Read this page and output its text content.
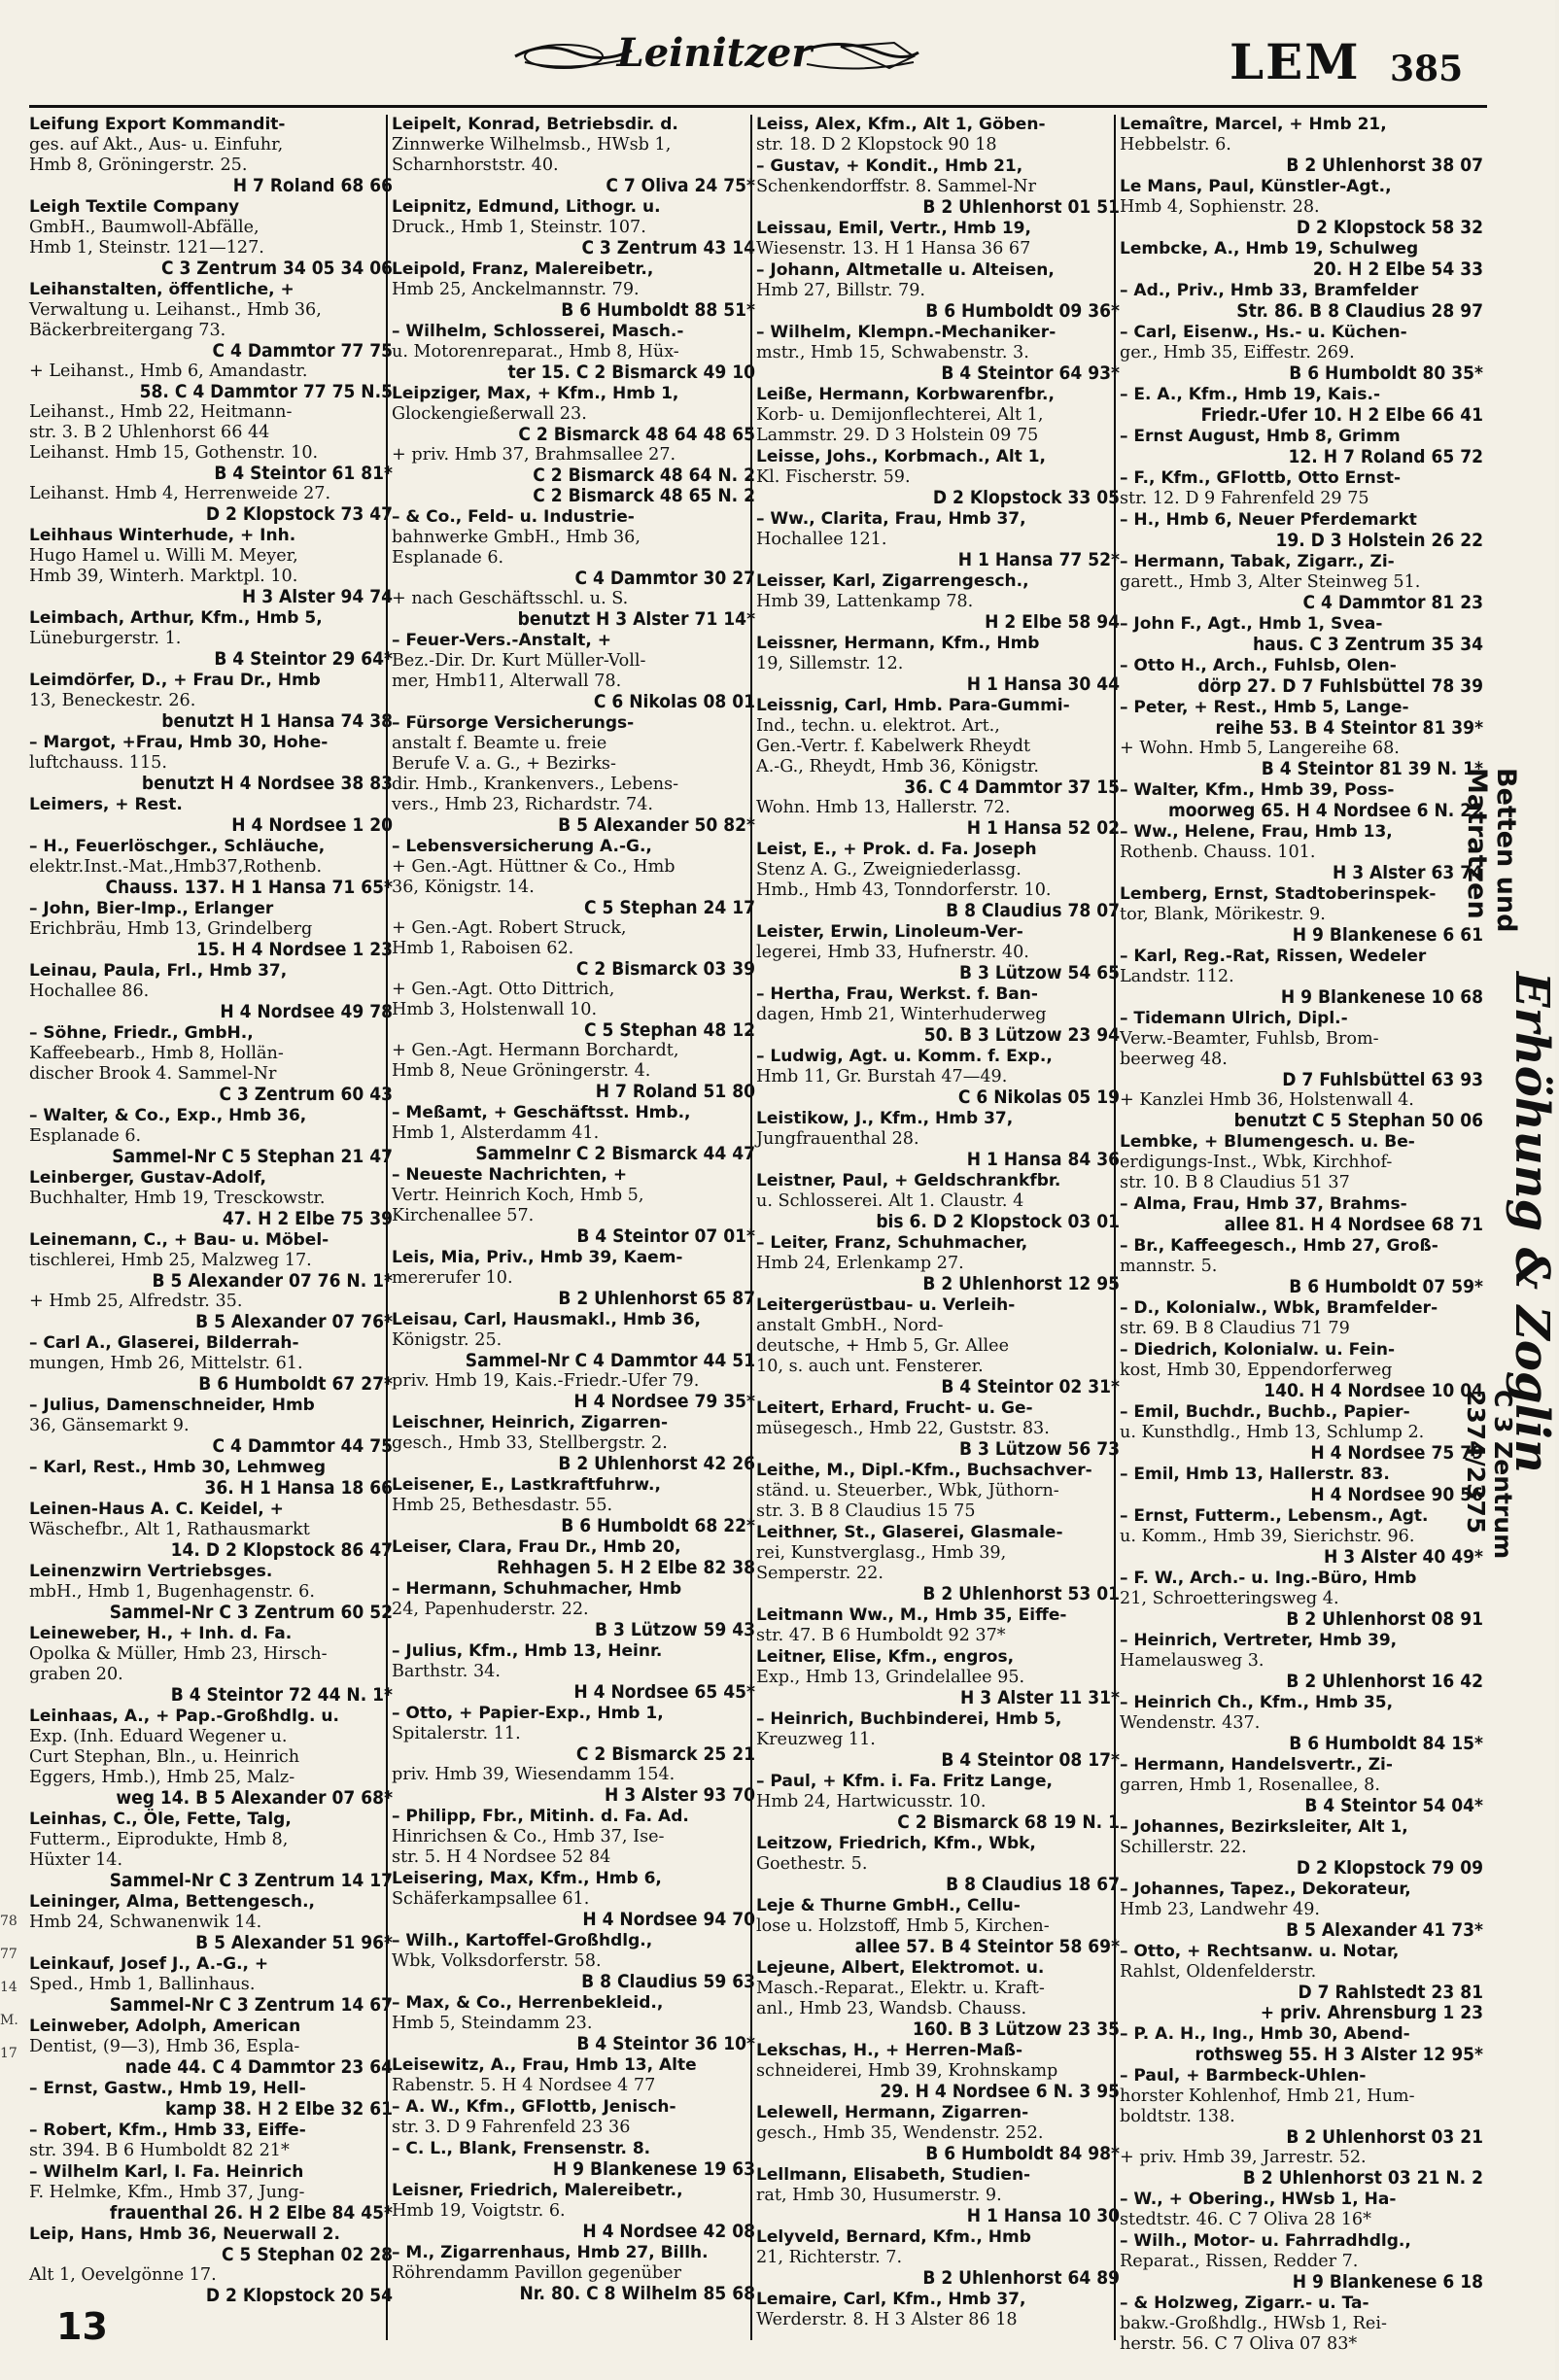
Leinitzer	LEM 385
Leifung Export Kommandit-
ges. auf Akt., Aus- u. Einfuhr,
Hmb 8, Gröningerstr. 25.
H 7 Roland 68 66
Leigh Textile Company
GmbH., Baumwoll-Abfälle,
Hmb 1, Steinstr. 121—127.
C 3 Zentrum 34 05 34 06
Leihanstalten, öffentliche, +
Verwaltung u. Leihanst., Hmb 36,
Bäckerbreitergang 73.
C 4 Dammtor 77 75
+ Leihanst., Hmb 6, Amandastr.
58. C 4 Dammtor 77 75 N.5
Leihanst., Hmb 22, Heitmann-
str. 3. B 2 Uhlenhorst 66 44
Leihanst. Hmb 15, Gothenstr. 10.
B 4 Steintor 61 81*
Leihanst. Hmb 4, Herrenweide 27.
D 2 Klopstock 73 47
Leihhaus Winterhude, + Inh.
Hugo Hamel u. Willi M. Meyer,
Hmb 39, Winterh. Marktpl. 10.
H 3 Alster 94 74
Leimbach, Arthur, Kfm., Hmb 5,
Lüneburgerstr. 1.
B 4 Steintor 29 64*
Leimdörfer, D., + Frau Dr., Hmb
13, Beneckestr. 26.
benutzt H 1 Hansa 74 38
– Margot, +Frau, Hmb 30, Hohe-
luftchauss. 115.
benutzt H 4 Nordsee 38 83
Leimers, + Rest.
H 4 Nordsee 1 20
– H., Feuerlöschger., Schläuche,
elektr.Inst.-Mat.,Hmb37,Rothenb.
Chauss. 137. H 1 Hansa 71 65*
– John, Bier-Imp., Erlanger
Erichbräu, Hmb 13, Grindelberg
15. H 4 Nordsee 1 23
Leinau, Paula, Frl., Hmb 37,
Hochallee 86.
H 4 Nordsee 49 78
– Söhne, Friedr., GmbH.,
Kaffeebearb., Hmb 8, Hollän-
discher Brook 4. Sammel-Nr
C 3 Zentrum 60 43
– Walter, & Co., Exp., Hmb 36,
Esplanade 6.
Sammel-Nr C 5 Stephan 21 47
Leinberger, Gustav-Adolf,
Buchhalter, Hmb 19, Tresckowstr.
47. H 2 Elbe 75 39
Leinemann, C., + Bau- u. Möbel-
tischlerei, Hmb 25, Malzweg 17.
B 5 Alexander 07 76 N. 1*
+ Hmb 25, Alfredstr. 35.
B 5 Alexander 07 76*
– Carl A., Glaserei, Bilderrah-
mungen, Hmb 26, Mittelstr. 61.
B 6 Humboldt 67 27*
– Julius, Damenschneider, Hmb
36, Gänsemarkt 9.
C 4 Dammtor 44 75
– Karl, Rest., Hmb 30, Lehmweg
36. H 1 Hansa 18 66
Leinen-Haus A. C. Keidel, +
Wäschefbr., Alt 1, Rathausmarkt
14. D 2 Klopstock 86 47
Leinenzwirn Vertriebsges.
mbH., Hmb 1, Bugenhagenstr. 6.
Sammel-Nr C 3 Zentrum 60 52
Leineweber, H., + Inh. d. Fa.
Opolka & Müller, Hmb 23, Hirsch-
graben 20.
B 4 Steintor 72 44 N. 1*
Leinhaas, A., + Pap.-Großhdlg. u.
Exp. (Inh. Eduard Wegener u.
Curt Stephan, Bln., u. Heinrich
Eggers, Hmb.), Hmb 25, Malz-
weg 14. B 5 Alexander 07 68*
Leinhas, C., Öle, Fette, Talg,
Futterm., Eiprodukte, Hmb 8,
Hüxter 14.
Sammel-Nr C 3 Zentrum 14 17
Leininger, Alma, Bettengesch.,
Hmb 24, Schwanenwik 14.
B 5 Alexander 51 96*
Leinkauf, Josef J., A.-G., +
Sped., Hmb 1, Ballinhaus.
Sammel-Nr C 3 Zentrum 14 67
Leinweber, Adolph, American
Dentist, (9—3), Hmb 36, Espla-
nade 44. C 4 Dammtor 23 64
– Ernst, Gastw., Hmb 19, Hell-
kamp 38. H 2 Elbe 32 61
– Robert, Kfm., Hmb 33, Eiffe-
str. 394. B 6 Humboldt 82 21*
– Wilhelm Karl, I. Fa. Heinrich
F. Helmke, Kfm., Hmb 37, Jung-
frauenthal 26. H 2 Elbe 84 45*
Leip, Hans, Hmb 36, Neuerwall 2.
C 5 Stephan 02 28
Alt 1, Oevelgönne 17.
D 2 Klopstock 20 54
Leipelt, Konrad, Betriebsdir. d.
Zinnwerke Wilhelmsb., HWsb 1,
Scharnhorststr. 40.
C 7 Oliva 24 75*
Leipnitz, Edmund, Lithogr. u.
Druck., Hmb 1, Steinstr. 107.
C 3 Zentrum 43 14
Leipold, Franz, Malereibetr.,
Hmb 25, Anckelmannstr. 79.
B 6 Humboldt 88 51*
– Wilhelm, Schlosserei, Masch.-
u. Motorenreparat., Hmb 8, Hüx-
ter 15. C 2 Bismarck 49 10
Leipziger, Max, + Kfm., Hmb 1,
Glockengießerwall 23.
C 2 Bismarck 48 64 48 65
+ priv. Hmb 37, Brahmsallee 27.
C 2 Bismarck 48 64 N. 2
C 2 Bismarck 48 65 N. 2
– & Co., Feld- u. Industrie-
bahnwerke GmbH., Hmb 36,
Esplanade 6.
C 4 Dammtor 30 27
+ nach Geschäftsschl. u. S.
benutzt H 3 Alster 71 14*
– Feuer-Vers.-Anstalt, +
Bez.-Dir. Dr. Kurt Müller-Voll-
mer, Hmb11, Alterwall 78.
C 6 Nikolas 08 01
– Fürsorge Versicherungs-
anstalt f. Beamte u. freie
Berufe V. a. G., + Bezirks-
dir. Hmb., Krankenvers., Lebens-
vers., Hmb 23, Richardstr. 74.
B 5 Alexander 50 82*
– Lebensversicherung A.-G.,
+ Gen.-Agt. Hüttner & Co., Hmb
36, Königstr. 14.
C 5 Stephan 24 17
+ Gen.-Agt. Robert Struck,
Hmb 1, Raboisen 62.
C 2 Bismarck 03 39
+ Gen.-Agt. Otto Dittrich,
Hmb 3, Holstenwall 10.
C 5 Stephan 48 12
+ Gen.-Agt. Hermann Borchardt,
Hmb 8, Neue Gröningerstr. 4.
H 7 Roland 51 80
– Meßamt, + Geschäftsst. Hmb.,
Hmb 1, Alsterdamm 41.
Sammelnr C 2 Bismarck 44 47
– Neueste Nachrichten, +
Vertr. Heinrich Koch, Hmb 5,
Kirchenallee 57.
B 4 Steintor 07 01*
Leis, Mia, Priv., Hmb 39, Kaem-
mererufer 10.
B 2 Uhlenhorst 65 87
Leisau, Carl, Hausmakl., Hmb 36,
Königstr. 25.
Sammel-Nr C 4 Dammtor 44 51
priv. Hmb 19, Kais.-Friedr.-Ufer 79.
H 4 Nordsee 79 35*
Leischner, Heinrich, Zigarren-
gesch., Hmb 33, Stellbergstr. 2.
B 2 Uhlenhorst 42 26
Leisener, E., Lastkraftfuhrw.,
Hmb 25, Bethesdastr. 55.
B 6 Humboldt 68 22*
Leiser, Clara, Frau Dr., Hmb 20,
Rehhagen 5. H 2 Elbe 82 38
– Hermann, Schuhmacher, Hmb
24, Papenhuderstr. 22.
B 3 Lützow 59 43
– Julius, Kfm., Hmb 13, Heinr.
Barthstr. 34.
H 4 Nordsee 65 45*
– Otto, + Papier-Exp., Hmb 1,
Spitalerstr. 11.
C 2 Bismarck 25 21
priv. Hmb 39, Wiesendamm 154.
H 3 Alster 93 70
– Philipp, Fbr., Mitinh. d. Fa. Ad.
Hinrichsen & Co., Hmb 37, Ise-
str. 5. H 4 Nordsee 52 84
Leisering, Max, Kfm., Hmb 6,
Schäferkampsallee 61.
H 4 Nordsee 94 70
– Wilh., Kartoffel-Großhdlg.,
Wbk, Volksdorferstr. 58.
B 8 Claudius 59 63
– Max, & Co., Herrenbekleid.,
Hmb 5, Steindamm 23.
B 4 Steintor 36 10*
Leisewitz, A., Frau, Hmb 13, Alte
Rabenstr. 5. H 4 Nordsee 4 77
– A. W., Kfm., GFlottb, Jenisch-
str. 3. D 9 Fahrenfeld 23 36
– C. L., Blank, Frensenstr. 8.
H 9 Blankenese 19 63
Leisner, Friedrich, Malereibetr.,
Hmb 19, Voigtstr. 6.
H 4 Nordsee 42 08
– M., Zigarrenhaus, Hmb 27, Billh.
Röhrendamm Pavillon gegenüber
Nr. 80. C 8 Wilhelm 85 68
Leiss, Alex, Kfm., Alt 1, Göben-
str. 18. D 2 Klopstock 90 18
– Gustav, + Kondit., Hmb 21,
Schenkendorffstr. 8. Sammel-Nr
B 2 Uhlenhorst 01 51
Leissau, Emil, Vertr., Hmb 19,
Wiesenstr. 13. H 1 Hansa 36 67
– Johann, Altmetalle u. Alteisen,
Hmb 27, Billstr. 79.
B 6 Humboldt 09 36*
– Wilhelm, Klempn.-Mechaniker-
mstr., Hmb 15, Schwabenstr. 3.
B 4 Steintor 64 93*
Leiße, Hermann, Korbwarenfbr.,
Korb- u. Demijonflechterei, Alt 1,
Lammstr. 29. D 3 Holstein 09 75
Leisse, Johs., Korbmach., Alt 1,
Kl. Fischerstr. 59.
D 2 Klopstock 33 05
– Ww., Clarita, Frau, Hmb 37,
Hochallee 121.
H 1 Hansa 77 52*
Leisser, Karl, Zigarrengesch.,
Hmb 39, Lattenkamp 78.
H 2 Elbe 58 94
Leissner, Hermann, Kfm., Hmb
19, Sillemstr. 12.
H 1 Hansa 30 44
Leissnig, Carl, Hmb. Para-Gummi-
Ind., techn. u. elektrot. Art.,
Gen.-Vertr. f. Kabelwerk Rheydt
A.-G., Rheydt, Hmb 36, Königstr.
36. C 4 Dammtor 37 15
Wohn. Hmb 13, Hallerstr. 72.
H 1 Hansa 52 02
Leist, E., + Prok. d. Fa. Joseph
Stenz A. G., Zweigniederlassg.
Hmb., Hmb 43, Tonndorferstr. 10.
B 8 Claudius 78 07
Leister, Erwin, Linoleum-Ver-
legerei, Hmb 33, Hufnerstr. 40.
B 3 Lützow 54 65
– Hertha, Frau, Werkst. f. Ban-
dagen, Hmb 21, Winterhuderweg
50. B 3 Lützow 23 94
– Ludwig, Agt. u. Komm. f. Exp.,
Hmb 11, Gr. Burstah 47—49.
C 6 Nikolas 05 19
Leistikow, J., Kfm., Hmb 37,
Jungfrauenthal 28.
H 1 Hansa 84 36
Leistner, Paul, + Geldschrankfbr.
u. Schlosserei. Alt 1. Claustr. 4
bis 6. D 2 Klopstock 03 01
– Leiter, Franz, Schuhmacher,
Hmb 24, Erlenkamp 27.
B 2 Uhlenhorst 12 95
Leitergerüstbau- u. Verleih-
anstalt GmbH., Nord-
deutsche, + Hmb 5, Gr. Allee
10, s. auch unt. Fensterer.
B 4 Steintor 02 31*
Leitert, Erhard, Frucht- u. Ge-
müsegesch., Hmb 22, Guststr. 83.
B 3 Lützow 56 73
Leithe, M., Dipl.-Kfm., Buchsachver-
ständ. u. Steuerber., Wbk, Jüthorn-
str. 3. B 8 Claudius 15 75
Leithner, St., Glaserei, Glasmale-
rei, Kunstverglasg., Hmb 39,
Semperstr. 22.
B 2 Uhlenhorst 53 01
Leitmann Ww., M., Hmb 35, Eiffe-
str. 47. B 6 Humboldt 92 37*
Leitner, Elise, Kfm., engros,
Exp., Hmb 13, Grindelallee 95.
H 3 Alster 11 31*
– Heinrich, Buchbinderei, Hmb 5,
Kreuzweg 11.
B 4 Steintor 08 17*
– Paul, + Kfm. i. Fa. Fritz Lange,
Hmb 24, Hartwicusstr. 10.
C 2 Bismarck 68 19 N. 1
Leitzow, Friedrich, Kfm., Wbk,
Goethestr. 5.
B 8 Claudius 18 67
Leje & Thurne GmbH., Cellu-
lose u. Holzstoff, Hmb 5, Kirchen-
allee 57. B 4 Steintor 58 69*
Lejeune, Albert, Elektromot. u.
Masch.-Reparat., Elektr. u. Kraft-
anl., Hmb 23, Wandsb. Chauss.
160. B 3 Lützow 23 35
Lekschas, H., + Herren-Maß-
schneiderei, Hmb 39, Krohnskamp
29. H 4 Nordsee 6 N. 3 95
Lelewell, Hermann, Zigarren-
gesch., Hmb 35, Wendenstr. 252.
B 6 Humboldt 84 98*
Lellmann, Elisabeth, Studien-
rat, Hmb 30, Husumerstr. 9.
H 1 Hansa 10 30
Lelyveld, Bernard, Kfm., Hmb
21, Richterstr. 7.
B 2 Uhlenhorst 64 89
Lemaire, Carl, Kfm., Hmb 37,
Werderstr. 8. H 3 Alster 86 18
Lemaître, Marcel, + Hmb 21,
Hebbelstr. 6.
B 2 Uhlenhorst 38 07
Le Mans, Paul, Künstler-Agt.,
Hmb 4, Sophienstr. 28.
D 2 Klopstock 58 32
Lembcke, A., Hmb 19, Schulweg
20. H 2 Elbe 54 33
– Ad., Priv., Hmb 33, Bramfelder
Str. 86. B 8 Claudius 28 97
– Carl, Eisenw., Hs.- u. Küchen-
ger., Hmb 35, Eiffestr. 269.
B 6 Humboldt 80 35*
– E. A., Kfm., Hmb 19, Kais.-
Friedr.-Ufer 10. H 2 Elbe 66 41
– Ernst August, Hmb 8, Grimm
12. H 7 Roland 65 72
– F., Kfm., GFlottb, Otto Ernst-
str. 12. D 9 Fahrenfeld 29 75
– H., Hmb 6, Neuer Pferdemarkt
19. D 3 Holstein 26 22
– Hermann, Tabak, Zigarr., Zi-
garett., Hmb 3, Alter Steinweg 51.
C 4 Dammtor 81 23
– John F., Agt., Hmb 1, Svea-
haus. C 3 Zentrum 35 34
– Otto H., Arch., Fuhlsb, Olen-
dörp 27. D 7 Fuhlsbüttel 78 39
– Peter, + Rest., Hmb 5, Lange-
reihe 53. B 4 Steintor 81 39*
+ Wohn. Hmb 5, Langereihe 68.
B 4 Steintor 81 39 N. 1*
– Walter, Kfm., Hmb 39, Poss-
moorweg 65. H 4 Nordsee 6 N. 22
– Ww., Helene, Frau, Hmb 13,
Rothenb. Chauss. 101.
H 3 Alster 63 74
Lemberg, Ernst, Stadtoberinspek-
tor, Blank, Mörikestr. 9.
H 9 Blankenese 6 61
– Karl, Reg.-Rat, Rissen, Wedeler
Landstr. 112.
H 9 Blankenese 10 68
– Tidemann Ulrich, Dipl.-
Verw.-Beamter, Fuhlsb, Brom-
beerweg 48.
D 7 Fuhlsbüttel 63 93
+ Kanzlei Hmb 36, Holstenwall 4.
benutzt C 5 Stephan 50 06
Lembke, + Blumengesch. u. Be-
erdigungs-Inst., Wbk, Kirchhof-
str. 10. B 8 Claudius 51 37
– Alma, Frau, Hmb 37, Brahms-
allee 81. H 4 Nordsee 68 71
– Br., Kaffeegesch., Hmb 27, Groß-
mannstr. 5.
B 6 Humboldt 07 59*
– D., Kolonialw., Wbk, Bramfelder-
str. 69. B 8 Claudius 71 79
– Diedrich, Kolonialw. u. Fein-
kost, Hmb 30, Eppendorferweg
140. H 4 Nordsee 10 04
– Emil, Buchdr., Buchb., Papier-
u. Kunsthdlg., Hmb 13, Schlump 2.
H 4 Nordsee 75 79
– Emil, Hmb 13, Hallerstr. 83.
H 4 Nordsee 90 56
– Ernst, Futterm., Lebensm., Agt.
u. Komm., Hmb 39, Sierichstr. 96.
H 3 Alster 40 49*
– F. W., Arch.- u. Ing.-Büro, Hmb
21, Schroetteringsweg 4.
B 2 Uhlenhorst 08 91
– Heinrich, Vertreter, Hmb 39,
Hamelausweg 3.
B 2 Uhlenhorst 16 42
– Heinrich Ch., Kfm., Hmb 35,
Wendenstr. 437.
B 6 Humboldt 84 15*
– Hermann, Handelsvertr., Zi-
garren, Hmb 1, Rosenallee, 8.
B 4 Steintor 54 04*
– Johannes, Bezirksleiter, Alt 1,
Schillerstr. 22.
D 2 Klopstock 79 09
– Johannes, Tapez., Dekorateur,
Hmb 23, Landwehr 49.
B 5 Alexander 41 73*
– Otto, + Rechtsanw. u. Notar,
Rahlst, Oldenfelderstr.
D 7 Rahlstedt 23 81
+ priv. Ahrensburg 1 23
– P. A. H., Ing., Hmb 30, Abend-
rothsweg 55. H 3 Alster 12 95*
– Paul, + Barmbeck-Uhlen-
horster Kohlenhof, Hmb 21, Hum-
boldtstr. 138.
B 2 Uhlenhorst 03 21
+ priv. Hmb 39, Jarrestr. 52.
B 2 Uhlenhorst 03 21 N. 2
– W., + Obering., HWsb 1, Ha-
stedtstr. 46. C 7 Oliva 28 16*
– Wilh., Motor- u. Fahrradhdlg.,
Reparat., Rissen, Redder 7.
H 9 Blankenese 6 18
– & Holzweg, Zigarr.- u. Ta-
bakw.-Großhdlg., HWsb 1, Rei-
herstr. 56. C 7 Oliva 07 83*
Betten und
Matratzen
Erhöhung & Zoglin
C 3 Zentrum
2374/2375
78
77
14
M.
17
13
